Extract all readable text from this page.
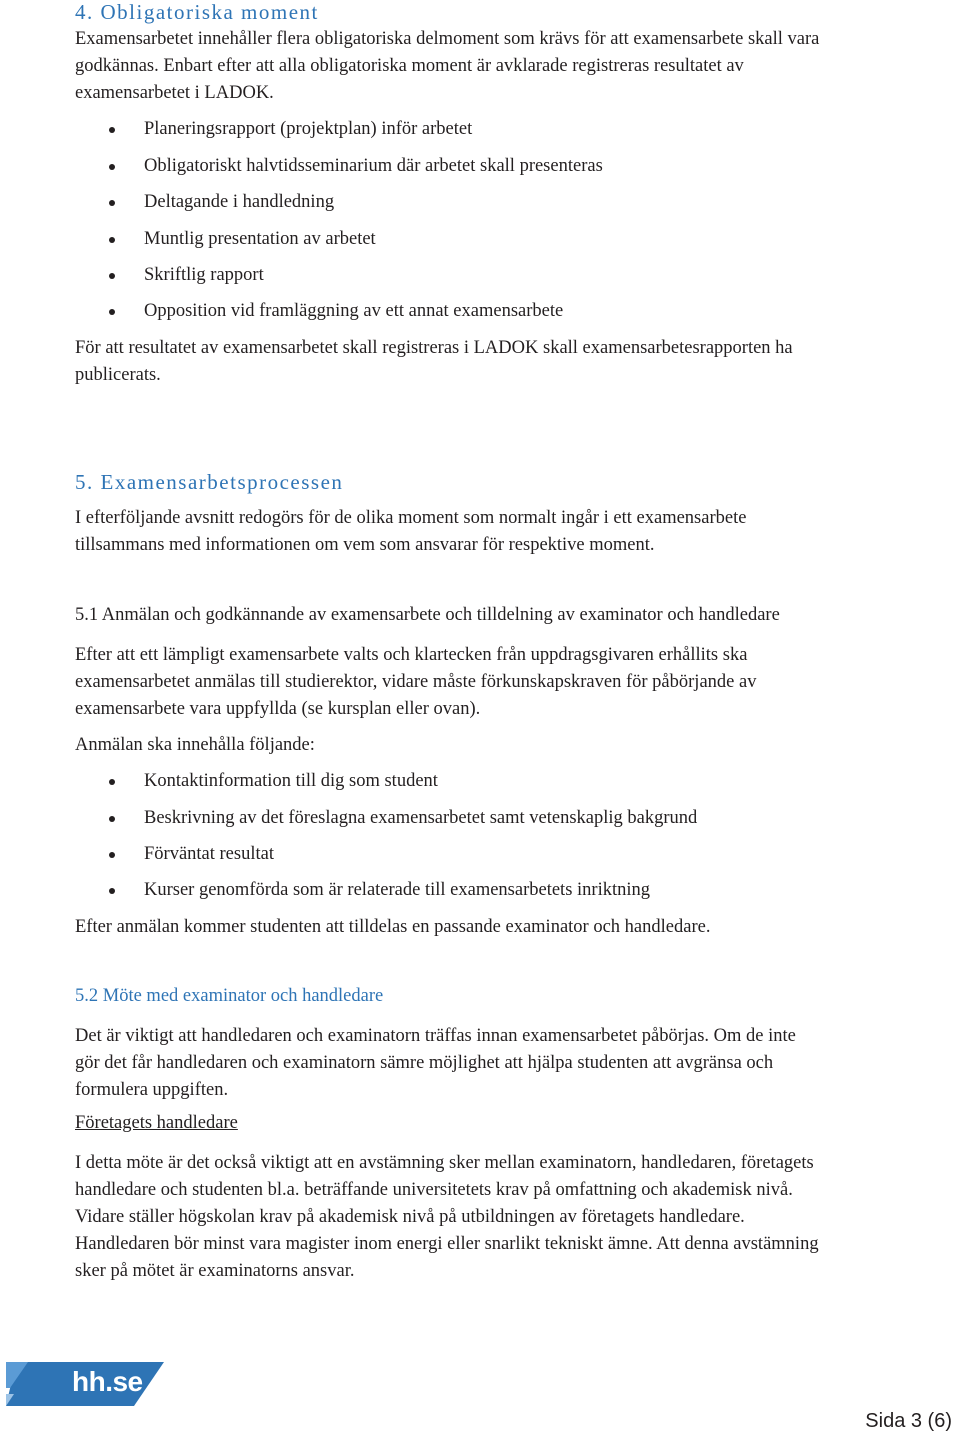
4. Obligatoriska moment
Examensarbetet innehåller flera obligatoriska delmoment som krävs för att examensarbete skall vara
godkännas. Enbart efter att alla obligatoriska moment är avklarade registreras resultatet av
examensarbetet i LADOK.
Planeringsrapport (projektplan) inför arbetet
Obligatoriskt halvtidsseminarium där arbetet skall presenteras
Deltagande i handledning
Muntlig presentation av arbetet
Skriftlig rapport
Opposition vid framläggning av ett annat examensarbete
För att resultatet av examensarbetet skall registreras i LADOK skall examensarbetesrapporten ha
publicerats.
5. Examensarbetsprocessen
I efterföljande avsnitt redogörs för de olika moment som normalt ingår i ett examensarbete
tillsammans med informationen om vem som ansvarar för respektive moment.
5.1 Anmälan och godkännande av examensarbete och tilldelning av examinator och handledare
Efter att ett lämpligt examensarbete valts och klartecken från uppdragsgivaren erhållits ska
examensarbetet anmälas till studierektor, vidare måste förkunskapskraven för påbörjande av
examensarbete vara uppfyllda (se kursplan eller ovan).
Anmälan ska innehålla följande:
Kontaktinformation till dig som student
Beskrivning av det föreslagna examensarbetet samt vetenskaplig bakgrund
Förväntat resultat
Kurser genomförda som är relaterade till examensarbetets inriktning
Efter anmälan kommer studenten att tilldelas en passande examinator och handledare.
5.2 Möte med examinator och handledare
Det är viktigt att handledaren och examinatorn träffas innan examensarbetet påbörjas. Om de inte
gör det får handledaren och examinatorn sämre möjlighet att hjälpa studenten att avgränsa och
formulera uppgiften.
Företagets handledare
I detta möte är det också viktigt att en avstämning sker mellan examinatorn, handledaren, företagets
handledare och studenten bl.a. beträffande universitetets krav på omfattning och akademisk nivå.
Vidare ställer högskolan krav på akademisk nivå på utbildningen av företagets handledare.
Handledaren bör minst vara magister inom energi eller snarlikt tekniskt ämne. Att denna avstämning
sker på mötet är examinatorns ansvar.
hh.se
Sida 3 (6)
